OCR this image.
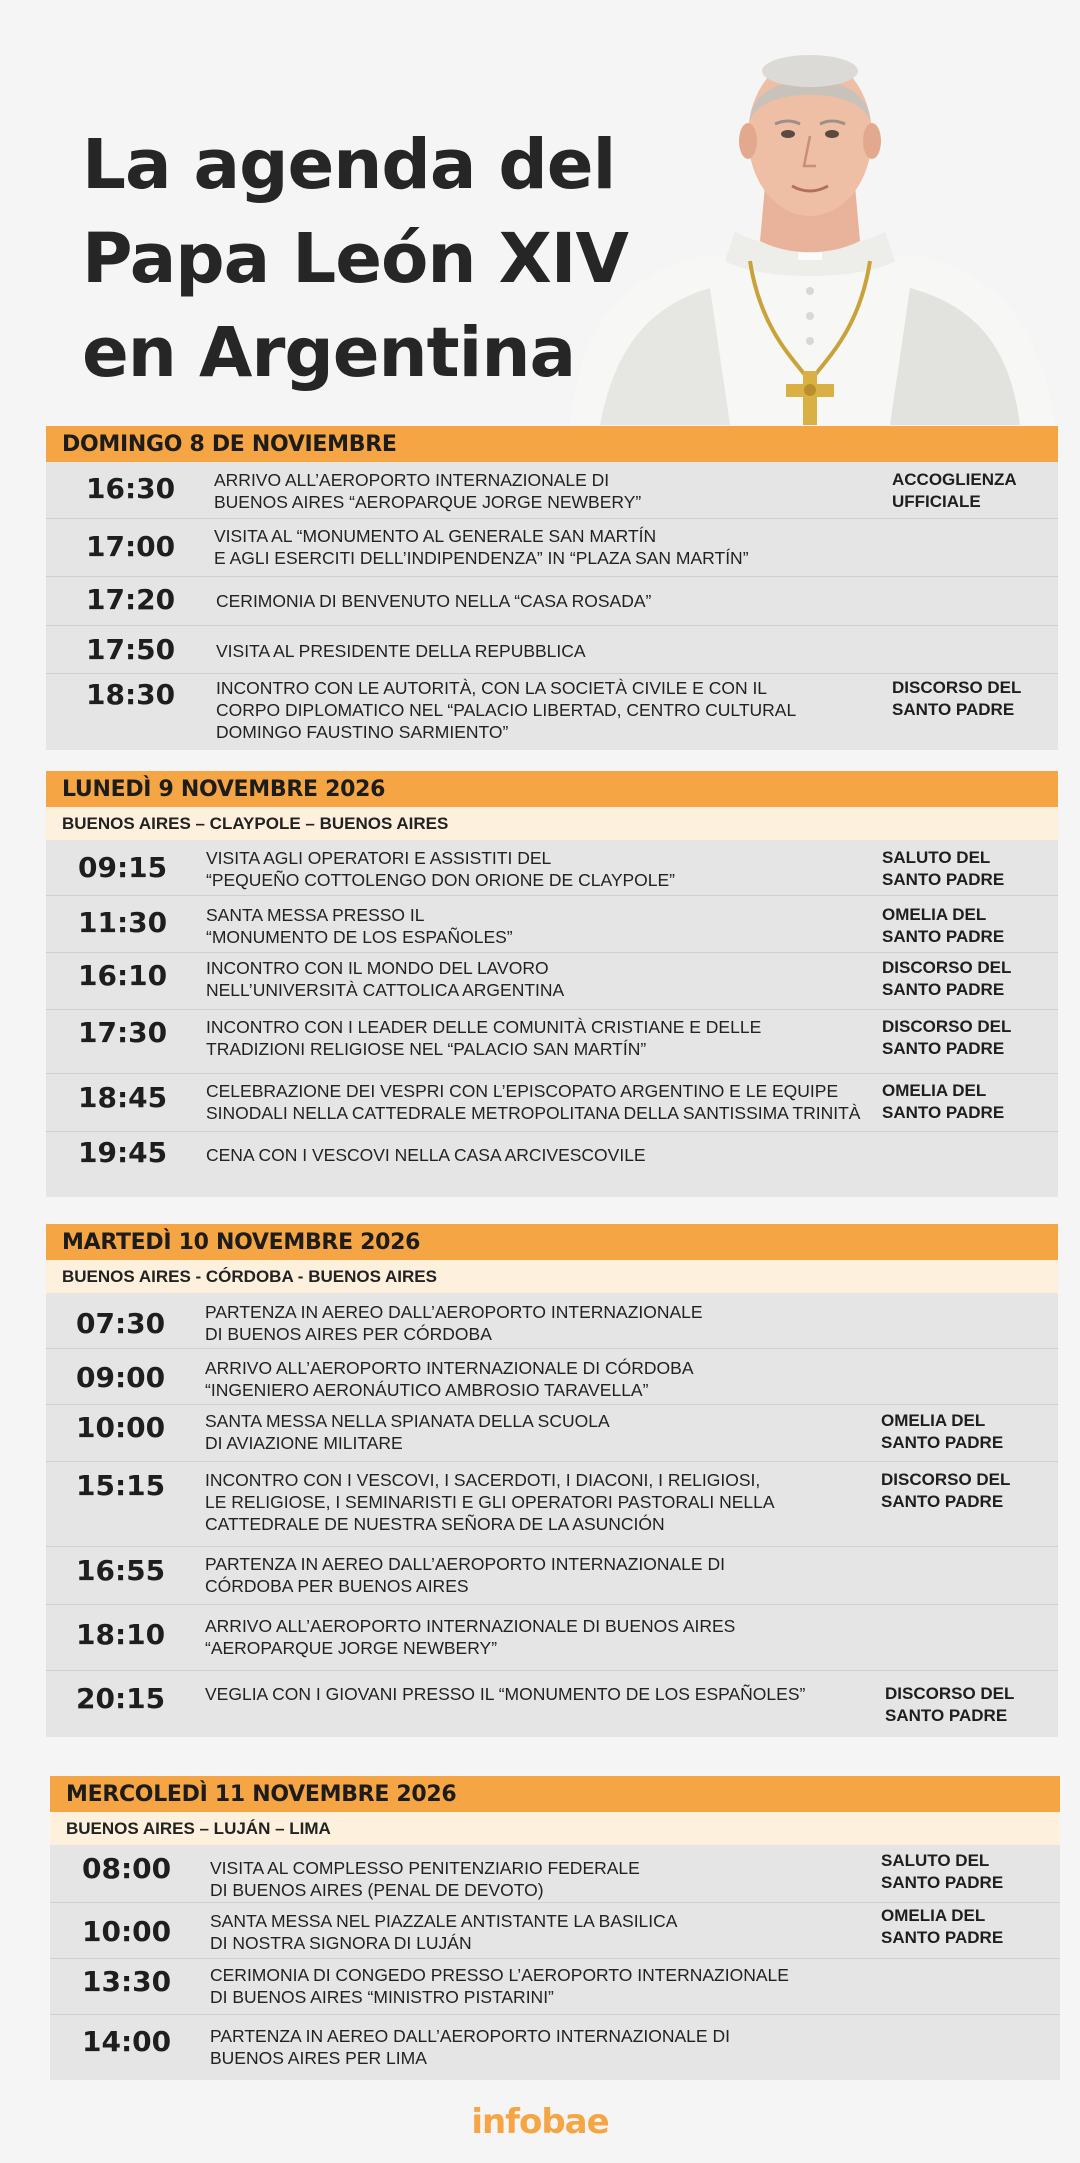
La agenda del
Papa León XIV
en Argentina
DOMINGO 8 DE NOVIEMBRE
16:30 ARRIVO ALL’AEROPORTO INTERNAZIONALE DI
BUENOS AIRES “AEROPARQUE JORGE NEWBERY”
ACCOGLIENZA
UFFICIALE
17:00 VISITA AL “MONUMENTO AL GENERALE SAN MARTÍN
E AGLI ESERCITI DELL’INDIPENDENZA” IN “PLAZA SAN MARTÍN”
17:20 CERIMONIA DI BENVENUTO NELLA “CASA ROSADA”
17:50 VISITA AL PRESIDENTE DELLA REPUBBLICA
18:30 INCONTRO CON LE AUTORITÀ, CON LA SOCIETÀ CIVILE E CON IL
CORPO DIPLOMATICO NEL “PALACIO LIBERTAD, CENTRO CULTURAL
DOMINGO FAUSTINO SARMIENTO”
DISCORSO DEL
SANTO PADRE
LUNEDÌ 9 NOVEMBRE 2026
BUENOS AIRES – CLAYPOLE – BUENOS AIRES
09:15 VISITA AGLI OPERATORI E ASSISTITI DEL
“PEQUEÑO COTTOLENGO DON ORIONE DE CLAYPOLE”
SALUTO DEL
SANTO PADRE
11:30 SANTA MESSA PRESSO IL
“MONUMENTO DE LOS ESPAÑOLES”
OMELIA DEL
SANTO PADRE
16:10 INCONTRO CON IL MONDO DEL LAVORO
NELL’UNIVERSITÀ CATTOLICA ARGENTINA
DISCORSO DEL
SANTO PADRE
17:30 INCONTRO CON I LEADER DELLE COMUNITÀ CRISTIANE E DELLE
TRADIZIONI RELIGIOSE NEL “PALACIO SAN MARTÍN”
DISCORSO DEL
SANTO PADRE
18:45 CELEBRAZIONE DEI VESPRI CON L’EPISCOPATO ARGENTINO E LE EQUIPE
SINODALI NELLA CATTEDRALE METROPOLITANA DELLA SANTISSIMA TRINITÀ
OMELIA DEL
SANTO PADRE
19:45 CENA CON I VESCOVI NELLA CASA ARCIVESCOVILE
MARTEDÌ 10 NOVEMBRE 2026
BUENOS AIRES - CÓRDOBA - BUENOS AIRES
07:30 PARTENZA IN AEREO DALL’AEROPORTO INTERNAZIONALE
DI BUENOS AIRES PER CÓRDOBA
09:00 ARRIVO ALL’AEROPORTO INTERNAZIONALE DI CÓRDOBA
“INGENIERO AERONÁUTICO AMBROSIO TARAVELLA”
10:00 SANTA MESSA NELLA SPIANATA DELLA SCUOLA
DI AVIAZIONE MILITARE
OMELIA DEL
SANTO PADRE
15:15 INCONTRO CON I VESCOVI, I SACERDOTI, I DIACONI, I RELIGIOSI,
LE RELIGIOSE, I SEMINARISTI E GLI OPERATORI PASTORALI NELLA
CATTEDRALE DE NUESTRA SEÑORA DE LA ASUNCIÓN
DISCORSO DEL
SANTO PADRE
16:55 PARTENZA IN AEREO DALL’AEROPORTO INTERNAZIONALE DI
CÓRDOBA PER BUENOS AIRES
18:10 ARRIVO ALL’AEROPORTO INTERNAZIONALE DI BUENOS AIRES
“AEROPARQUE JORGE NEWBERY”
20:15 VEGLIA CON I GIOVANI PRESSO IL “MONUMENTO DE LOS ESPAÑOLES”	DISCORSO DEL
SANTO PADRE
MERCOLEDÌ 11 NOVEMBRE 2026
BUENOS AIRES – LUJÁN – LIMA
08:00 VISITA AL COMPLESSO PENITENZIARIO FEDERALE
DI BUENOS AIRES (PENAL DE DEVOTO)
SALUTO DEL
SANTO PADRE
10:00 SANTA MESSA NEL PIAZZALE ANTISTANTE LA BASILICA
DI NOSTRA SIGNORA DI LUJÁN
OMELIA DEL
SANTO PADRE
13:30 CERIMONIA DI CONGEDO PRESSO L’AEROPORTO INTERNAZIONALE
DI BUENOS AIRES “MINISTRO PISTARINI”
14:00 PARTENZA IN AEREO DALL’AEROPORTO INTERNAZIONALE DI
BUENOS AIRES PER LIMA
infobae
